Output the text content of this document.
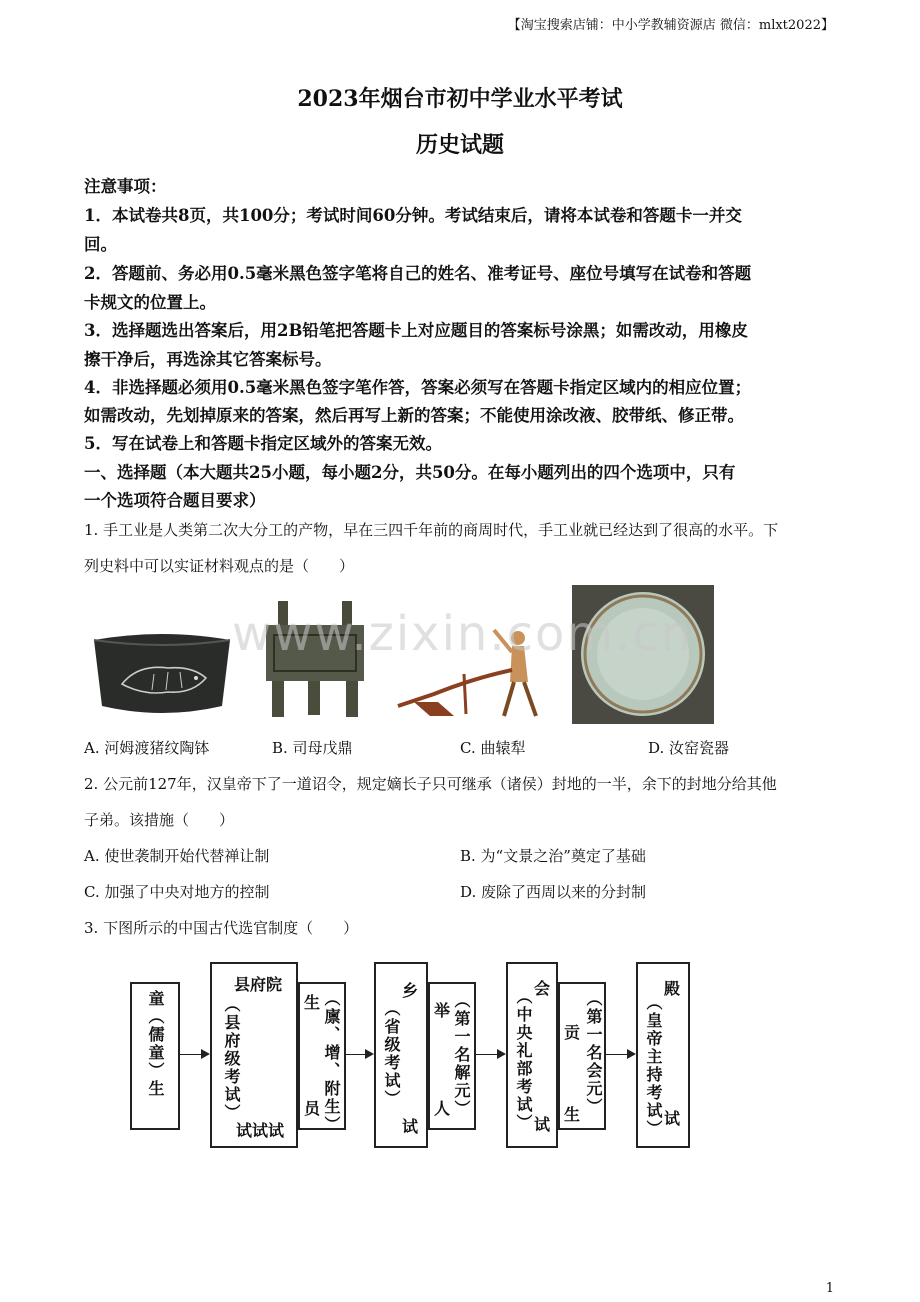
【淘宝搜索店铺：中小学教辅资源店 微信：mlxt2022】
2023年烟台市初中学业水平考试
历史试题
注意事项：
1．本试卷共8页，共100分；考试时间60分钟。考试结束后，请将本试卷和答题卡一并交
回。
2．答题前、务必用0.5毫米黑色签字笔将自己的姓名、准考证号、座位号填写在试卷和答题
卡规文的位置上。
3．选择题选出答案后，用2B铅笔把答题卡上对应题目的答案标号涂黑；如需改动，用橡皮
擦干净后，再选涂其它答案标号。
4．非选择题必须用0.5毫米黑色签字笔作答，答案必须写在答题卡指定区域内的相应位置；
如需改动，先划掉原来的答案，然后再写上新的答案；不能使用涂改液、胶带纸、修正带。
5．写在试卷上和答题卡指定区域外的答案无效。
一、选择题（本大题共25小题，每小题2分，共50分。在每小题列出的四个选项中，只有
一个选项符合题目要求）
1. 手工业是人类第二次大分工的产物，早在三四千年前的商周时代，手工业就已经达到了很高的水平。下
列史料中可以实证材料观点的是（　　）
www.zixin.com.cn
A. 河姆渡猪纹陶钵	B. 司母戊鼎	C. 曲辕犁	D. 汝窑瓷器
2. 公元前127年，汉皇帝下了一道诏令，规定嫡长子只可继承（诸侯）封地的一半，余下的封地分给其他
子弟。该措施（　　）
A. 使世袭制开始代替禅让制	B. 为“文景之治”奠定了基础
C. 加强了中央对地方的控制	D. 废除了西周以来的分封制
3. 下图所示的中国古代选官制度（　　）
童（儒童）生
县府院
（县府级考试）
试试试
生 （廪、增、附生）
员
乡
（省级考试）
试
举 （第一名解元）
人
会
（中央礼部考试） 试
贡 （第一名会元）
生
殿
（皇帝主持考试） 试
1
